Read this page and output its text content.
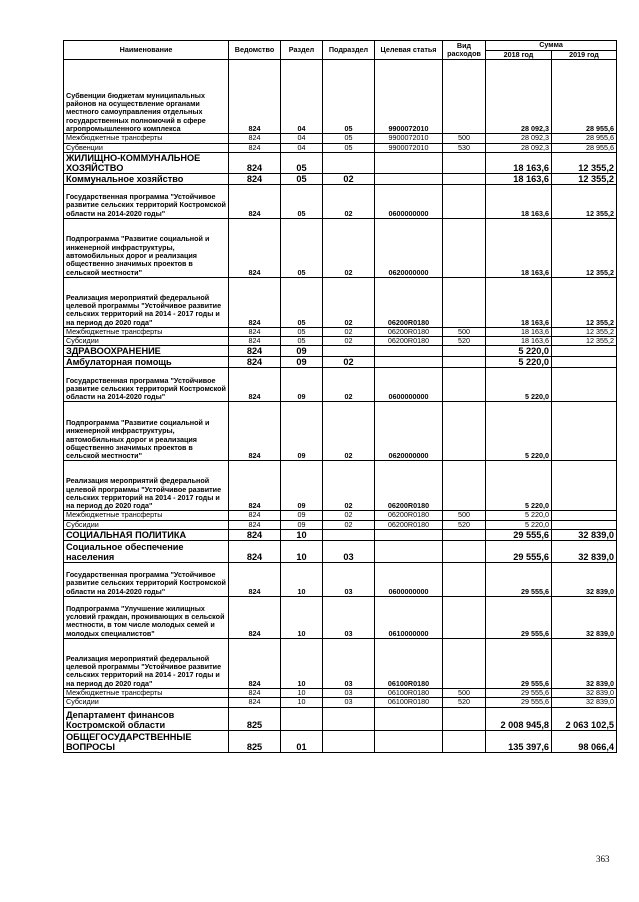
Наименование	Ведомство	Раздел	Подраздел	Целевая статья	Вид расходов	Сумма	
						2018 год	2019 год
Субвенции бюджетам муниципальных районов на осуществление органами местного самоуправления отдельных государственных полномочий в сфере агропромышленного комплекса	824	04	05	9900072010		28 092,3	28 955,6
Межбюджетные трансферты	824	04	05	9900072010	500	28 092,3	28 955,6
Субвенции	824	04	05	9900072010	530	28 092,3	28 955,6
ЖИЛИЩНО-КОММУНАЛЬНОЕ ХОЗЯЙСТВО	824	05				18 163,6	12 355,2
Коммунальное хозяйство	824	05	02			18 163,6	12 355,2
Государственная программа "Устойчивое развитие сельских территорий Костромской области на 2014-2020 годы"	824	05	02	0600000000		18 163,6	12 355,2
Подпрограмма "Развитие социальной и инженерной инфраструктуры, автомобильных дорог и реализация общественно значимых проектов в сельской местности"	824	05	02	0620000000		18 163,6	12 355,2
Реализация мероприятий федеральной целевой программы "Устойчивое развитие сельских территорий на 2014 - 2017 годы и на период до 2020 года"	824	05	02	06200R0180		18 163,6	12 355,2
Межбюджетные трансферты	824	05	02	06200R0180	500	18 163,6	12 355,2
Субсидии	824	05	02	06200R0180	520	18 163,6	12 355,2
ЗДРАВООХРАНЕНИЕ	824	09				5 220,0	
Амбулаторная помощь	824	09	02			5 220,0	
Государственная программа "Устойчивое развитие сельских территорий Костромской области на 2014-2020 годы"	824	09	02	0600000000		5 220,0	
Подпрограмма "Развитие социальной и инженерной инфраструктуры, автомобильных дорог и реализация общественно значимых проектов в сельской местности"	824	09	02	0620000000		5 220,0	
Реализация мероприятий федеральной целевой программы "Устойчивое развитие сельских территорий на 2014 - 2017 годы и на период до 2020 года"	824	09	02	06200R0180		5 220,0	
Межбюджетные трансферты	824	09	02	06200R0180	500	5 220,0	
Субсидии	824	09	02	06200R0180	520	5 220,0	
СОЦИАЛЬНАЯ ПОЛИТИКА	824	10				29 555,6	32 839,0
Социальное обеспечение населения	824	10	03			29 555,6	32 839,0
Государственная программа "Устойчивое развитие сельских территорий Костромской области на 2014-2020 годы"	824	10	03	0600000000		29 555,6	32 839,0
Подпрограмма "Улучшение жилищных условий граждан, проживающих в сельской местности, в том числе молодых семей и молодых специалистов"	824	10	03	0610000000		29 555,6	32 839,0
Реализация мероприятий федеральной целевой программы "Устойчивое развитие сельских территорий на 2014 - 2017 годы и на период до 2020 года"	824	10	03	06100R0180		29 555,6	32 839,0
Межбюджетные трансферты	824	10	03	06100R0180	500	29 555,6	32 839,0
Субсидии	824	10	03	06100R0180	520	29 555,6	32 839,0
Департамент финансов Костромской области	825					2 008 945,8	2 063 102,5
ОБЩЕГОСУДАРСТВЕННЫЕ ВОПРОСЫ	825	01				135 397,6	98 066,4
363
